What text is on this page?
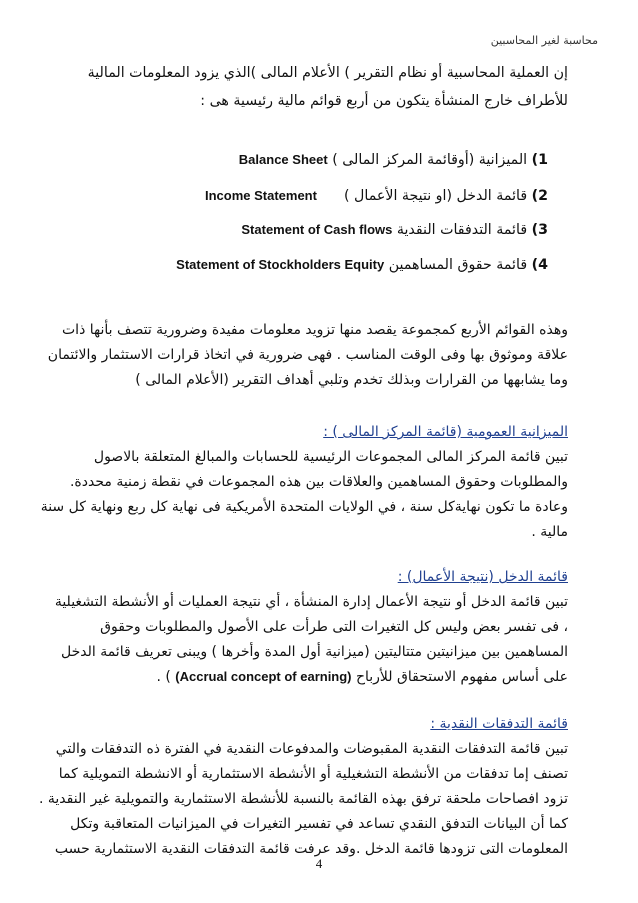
محاسبة لغير المحاسبين
إن العملية المحاسبية أو نظام التقرير ) الأعلام المالى )الذي يزود المعلومات المالية
للأطراف خارج المنشأة يتكون من أربع قوائم مالية رئيسية هى :
1) الميزانية (أوقائمة المركز المالى ) Balance Sheet
2) قائمة الدخل (او نتيجة الأعمال )      Income Statement
3) قائمة التدفقات النقدية Statement of Cash flows
4) قائمة حقوق المساهمين Statement of Stockholders Equity
وهذه القوائم الأربع كمجموعة يقصد منها تزويد معلومات مفيدة وضرورية تتصف بأنها ذات
علاقة وموثوق بها وفى الوقت المناسب . فهى ضرورية في اتخاذ قرارات الاستثمار والائتمان
وما يشابهها من القرارات وبذلك تخدم وتلبي أهداف التقرير (الأعلام المالى )
الميزانية العمومية (قائمة المركز المالى ) :
تبين قائمة المركز المالى المجموعات الرئيسية للحسابات والمبالغ المتعلقة بالاصول
والمطلوبات وحقوق المساهمين والعلاقات بين هذه المجموعات في نقطة زمنية محددة.
وعادة ما تكون نهايةكل سنة ، في الولايات المتحدة الأمريكية فى نهاية كل ربع ونهاية كل سنة
مالية .
قائمة الدخل (نتيجة الأعمال) :
تبين قائمة الدخل أو نتيجة الأعمال إدارة المنشأة ، أي نتيجة العمليات أو الأنشطة التشغيلية
، فى تفسر بعض وليس كل التغيرات التى طرأت على الأصول والمطلوبات وحقوق
المساهمين بين ميزانيتين متتاليتين (ميزانية أول المدة وأخرها ) ويبنى تعريف قائمة الدخل
على أساس مفهوم الاستحقاق للأرباح (Accrual concept of earning) ) .
قائمة التدفقات النقدية :
تبين قائمة التدفقات النقدية المقبوضات والمدفوعات النقدية في الفترة ذه التدفقات والتي
تصنف إما تدفقات من الأنشطة التشغيلية أو الأنشطة الاستثمارية أو الانشطة التمويلية كما
تزود افصاحات ملحقة ترفق بهذه القائمة بالنسبة للأنشطة الاستثمارية والتمويلية غير النقدية .
كما أن البيانات التدفق النقدي تساعد في تفسير التغيرات في الميزانيات المتعاقبة وتكل
المعلومات التى تزودها قائمة الدخل .وقد عرفت قائمة التدفقات النقدية الاستثمارية حسب
4
